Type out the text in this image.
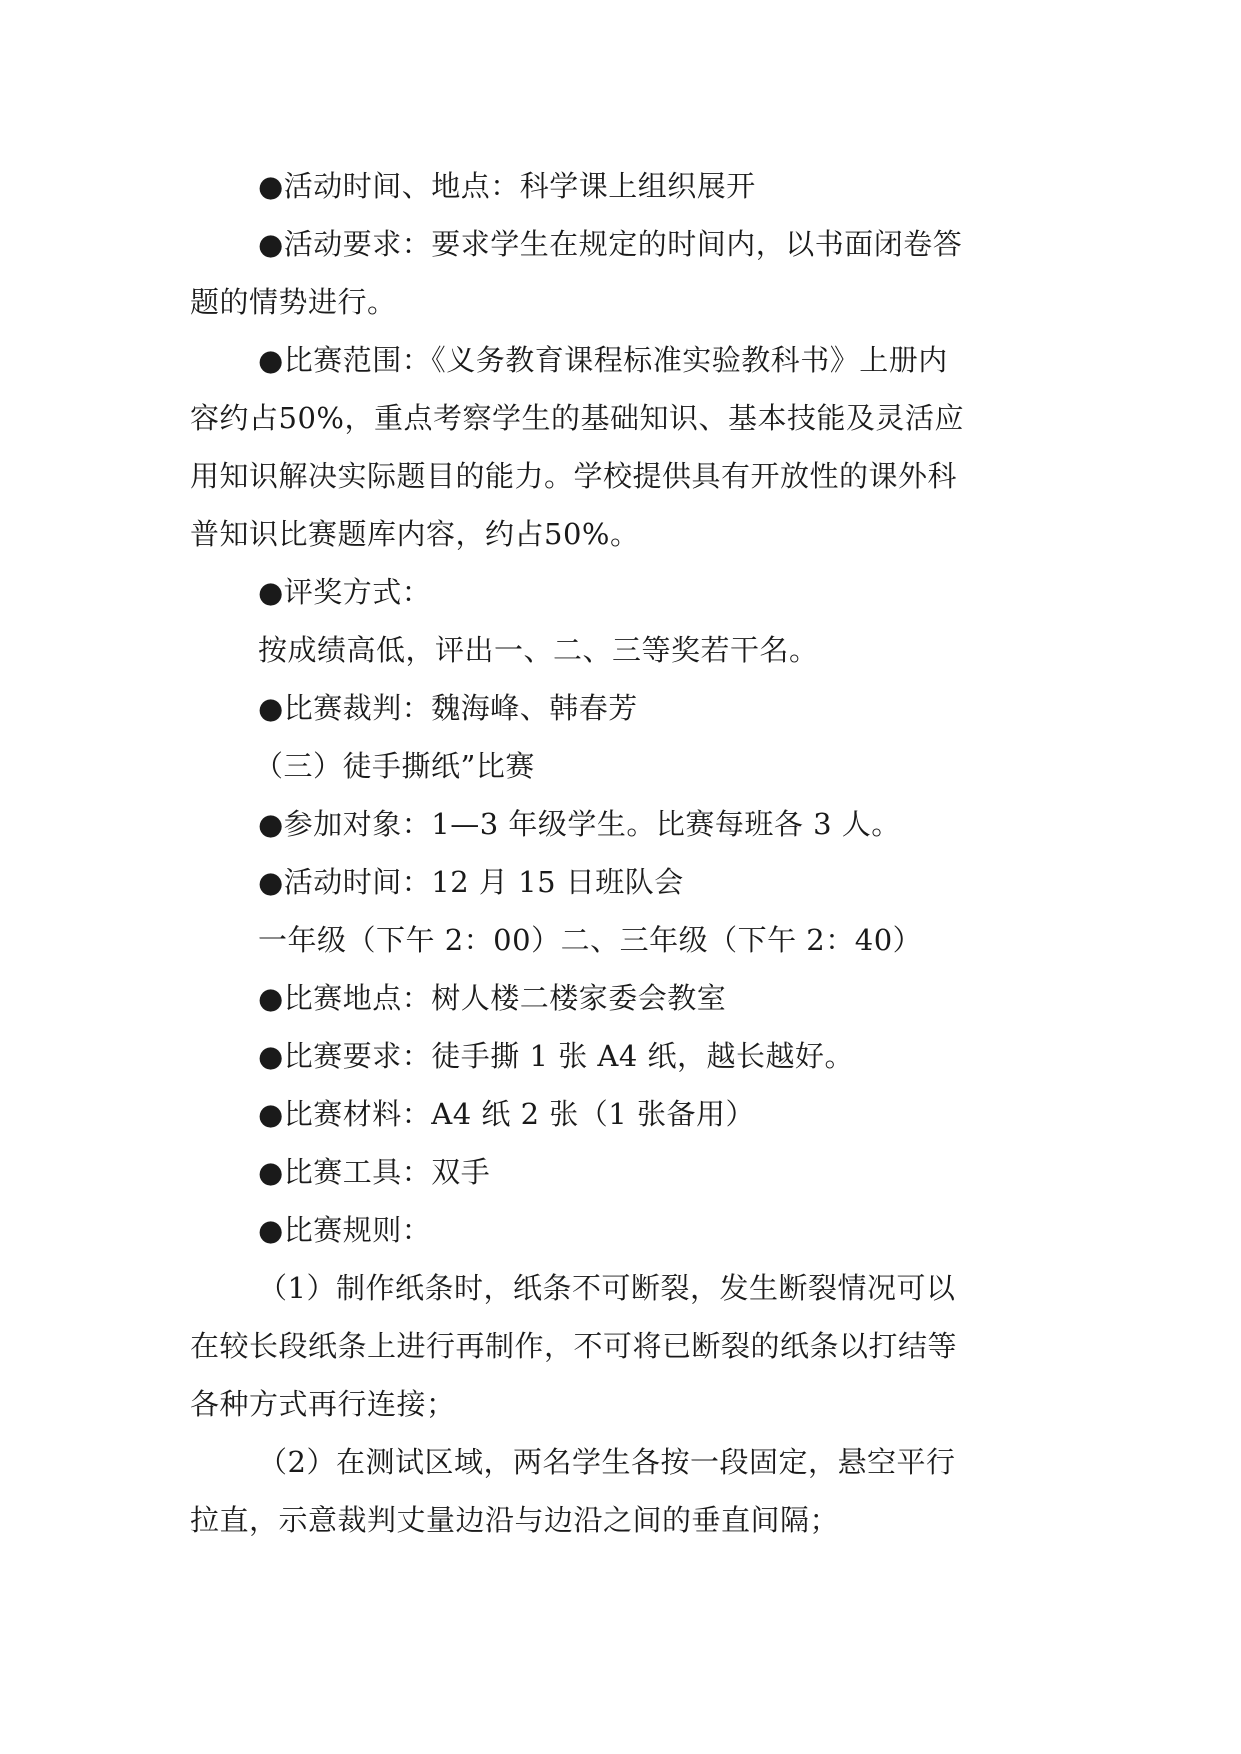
●活动时间、地点：科学课上组织展开
●活动要求：要求学生在规定的时间内，以书面闭卷答
题的情势进行。
●比赛范围：《义务教育课程标准实验教科书》上册内
容约占50%，重点考察学生的基础知识、基本技能及灵活应
用知识解决实际题目的能力。学校提供具有开放性的课外科
普知识比赛题库内容，约占50%。
●评奖方式：
按成绩高低，评出一、二、三等奖若干名。
●比赛裁判：魏海峰、韩春芳
（三）徒手撕纸”比赛
●参加对象：1—3 年级学生。比赛每班各 3 人。
●活动时间：12 月 15 日班队会
一年级（下午 2：00）二、三年级（下午 2：40）
●比赛地点：树人楼二楼家委会教室
●比赛要求：徒手撕 1 张 A4 纸，越长越好。
●比赛材料：A4 纸 2 张（1 张备用）
●比赛工具：双手
●比赛规则：
（1）制作纸条时，纸条不可断裂，发生断裂情况可以
在较长段纸条上进行再制作，不可将已断裂的纸条以打结等
各种方式再行连接；
（2）在测试区域，两名学生各按一段固定，悬空平行
拉直，示意裁判丈量边沿与边沿之间的垂直间隔；
